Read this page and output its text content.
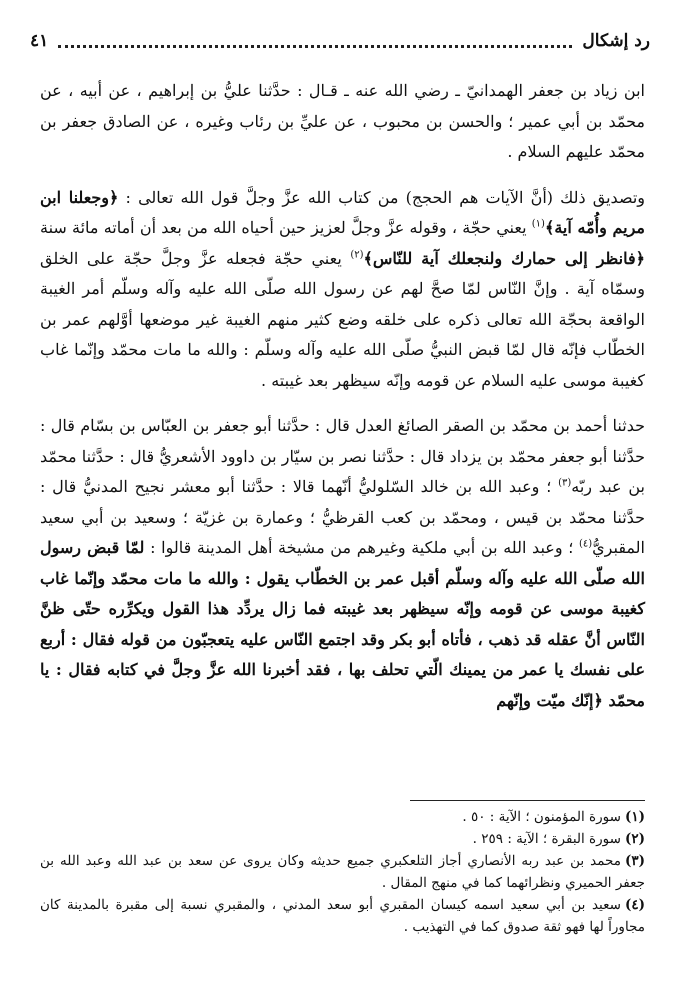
رد إشكال
٤١

ابن زياد بن جعفر الهمدانيّ ـ رضي الله عنه ـ قـال : حدَّثنا عليُّ بن إبراهيم ، عن أبيه ، عن محمّد بن أبي عمير ؛ والحسن بن محبوب ، عن عليِّ بن رئاب وغيره ، عن الصادق جعفر بن محمّد عليهم السلام .

وتصديق ذلك (أنَّ الآيات هم الحجج) من كتاب الله عزَّ وجلَّ قول الله تعالى : ﴿وجعلنا ابن مريم وأُمّه آية﴾$^{(١)}$ يعني حجّة ، وقوله عزَّ وجلَّ لعزيز حين أحياه الله من بعد أن أماته مائة سنة ﴿فانظر إلى حمارك ولنجعلك آية للنّاس﴾$^{(٢)}$ يعني حجّة فجعله عزَّ وجلَّ حجّة على الخلق وسمّاه آية . وإنَّ النّاس لمّا صحَّ لهم عن رسول الله صلّى الله عليه وآله وسلّم أمر الغيبة الواقعة بحجّة الله تعالى ذكره على خلقه وضع كثير منهم الغيبة غير موضعها أوَّلهم عمر بن الخطّاب فإنّه قال لمّا قبض النبيُّ صلّى الله عليه وآله وسلّم : والله ما مات محمّد وإنّما غاب كغيبة موسى عليه السلام عن قومه وإنّه سيظهر بعد غيبته .

حدثنا أحمد بن محمّد بن الصقر الصائغ العدل قال : حدَّثنا أبو جعفر بن العبّاس بن بسّام قال : حدَّثنا أبو جعفر محمّد بن يزداد قال : حدَّثنا نصر بن سيّار بن داوود الأشعريُّ قال : حدَّثنا محمّد بن عبد ربّه$^{(٣)}$ ؛ وعبد الله بن خالد السّلوليُّ أنّهما قالا : حدَّثنا أبو معشر نجيح المدنيُّ قال : حدَّثنا محمّد بن قيس ، ومحمّد بن كعب القرظيُّ ؛ وعمارة بن غزيّة ؛ وسعيد بن أبي سعيد المقبريُّ$^{(٤)}$ ؛ وعبد الله بن أبي ملكية وغيرهم من مشيخة أهل المدينة قالوا : لمّا قبض رسول الله صلّى الله عليه وآله وسلّم أقبل عمر بن الخطّاب يقول : والله ما مات محمّد وإنّما غاب كغيبة موسى عن قومه وإنّه سيظهر بعد غيبته فما زال يردِّد هذا القول ويكرِّره حتّى ظنَّ النّاس أنَّ عقله قد ذهب ، فأتاه أبو بكر وقد اجتمع النّاس عليه يتعجبّون من قوله فقال : أربع على نفسك يا عمر من يمينك الّتي تحلف بها ، فقد أخبرنا الله عزَّ وجلَّ في كتابه فقال : يا محمّد ﴿إنّك ميّت وإنّهم

(١)سورة المؤمنون ؛ الآية : ٥٠ .
(٢)سورة البقرة ؛ الآية : ٢٥٩ .
(٣)محمد بن عبد ربه الأنصاري أجاز التلعكبري جميع حديثه وكان يروى عن سعد بن عبد الله وعبد الله بن جعفر الحميري ونظرائهما كما في منهج المقال .
(٤)سعيد بن أبي سعيد اسمه كيسان المقبري أبو سعد المدني ، والمقبري نسبة إلى مقبرة بالمدينة كان مجاوراً لها فهو ثقة صدوق كما في التهذيب .
